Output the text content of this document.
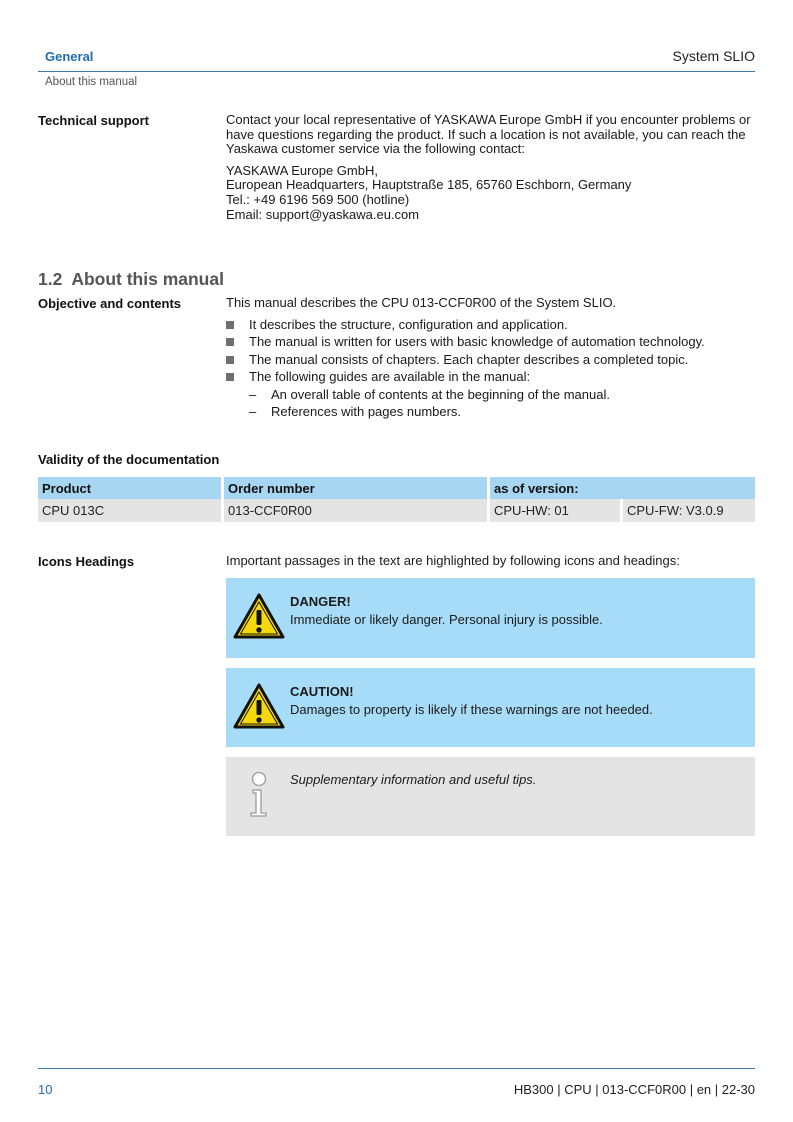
General	System SLIO
About this manual
Technical support	Contact your local representative of YASKAWA Europe GmbH if you encounter problems or have questions regarding the product. If such a location is not available, you can reach the Yaskawa customer service via the following contact:

YASKAWA Europe GmbH,
European Headquarters, Hauptstraße 185, 65760 Eschborn, Germany
Tel.: +49 6196 569 500 (hotline)
Email: support@yaskawa.eu.com

1.2 About this manual
Objective and contents	This manual describes the CPU 013-CCF0R00 of the System SLIO.

It describes the structure, configuration and application.
The manual is written for users with basic knowledge of automation technology.
The manual consists of chapters. Each chapter describes a completed topic.
The following guides are available in the manual:
– An overall table of contents at the beginning of the manual.
– References with pages numbers.
Validity of the documentation
Product	Order number	as of version:	
CPU 013C	013-CCF0R00	CPU-HW: 01	CPU-FW: V3.0.9
Icons Headings	Important passages in the text are highlighted by following icons and headings:
DANGER!
Immediate or likely danger. Personal injury is possible.
CAUTION!
Damages to property is likely if these warnings are not heeded.
Supplementary information and useful tips.
10	HB300 | CPU | 013-CCF0R00 | en | 22-30
